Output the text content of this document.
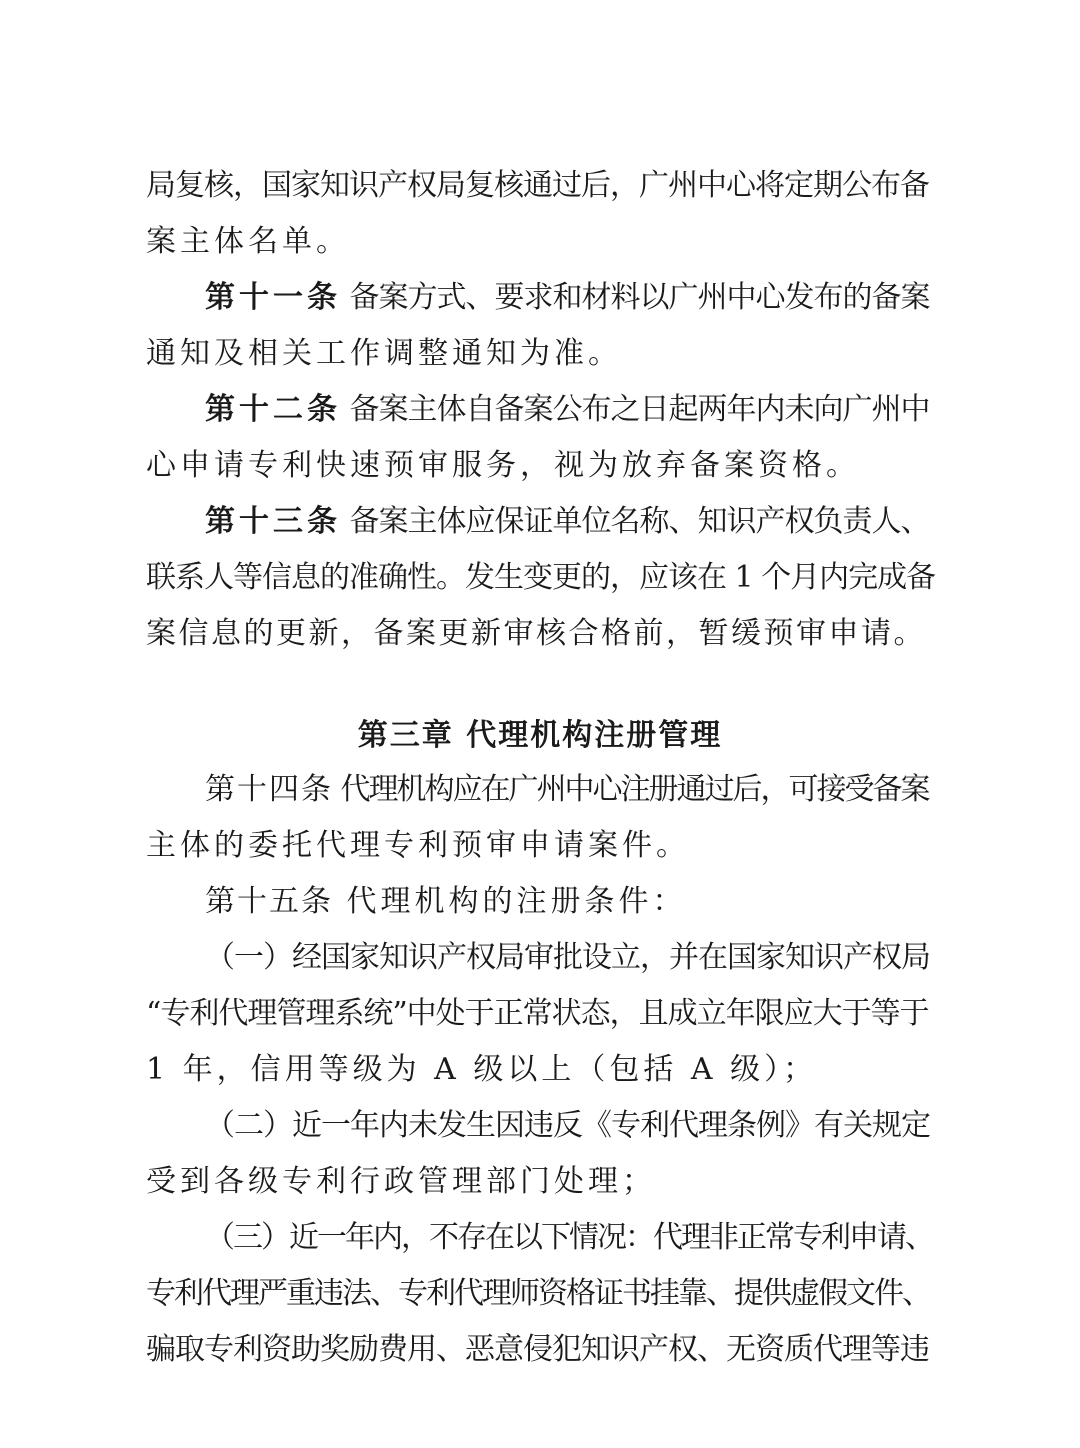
局复核，国家知识产权局复核通过后，广州中心将定期公布备
案主体名单。
第十一条 备案方式、要求和材料以广州中心发布的备案
通知及相关工作调整通知为准。
第十二条 备案主体自备案公布之日起两年内未向广州中
心申请专利快速预审服务，视为放弃备案资格。
第十三条 备案主体应保证单位名称、知识产权负责人、
联系人等信息的准确性。发生变更的，应该在 1 个月内完成备
案信息的更新，备案更新审核合格前，暂缓预审申请。
第三章 代理机构注册管理
第十四条 代理机构应在广州中心注册通过后，可接受备案
主体的委托代理专利预审申请案件。
第十五条 代理机构的注册条件：
（一）经国家知识产权局审批设立，并在国家知识产权局
“专利代理管理系统”中处于正常状态，且成立年限应大于等于
1 年，信用等级为 A 级以上（包括 A 级）；
（二）近一年内未发生因违反《专利代理条例》有关规定
受到各级专利行政管理部门处理；
（三）近一年内，不存在以下情况：代理非正常专利申请、
专利代理严重违法、专利代理师资格证书挂靠、提供虚假文件、
骗取专利资助奖励费用、恶意侵犯知识产权、无资质代理等违
